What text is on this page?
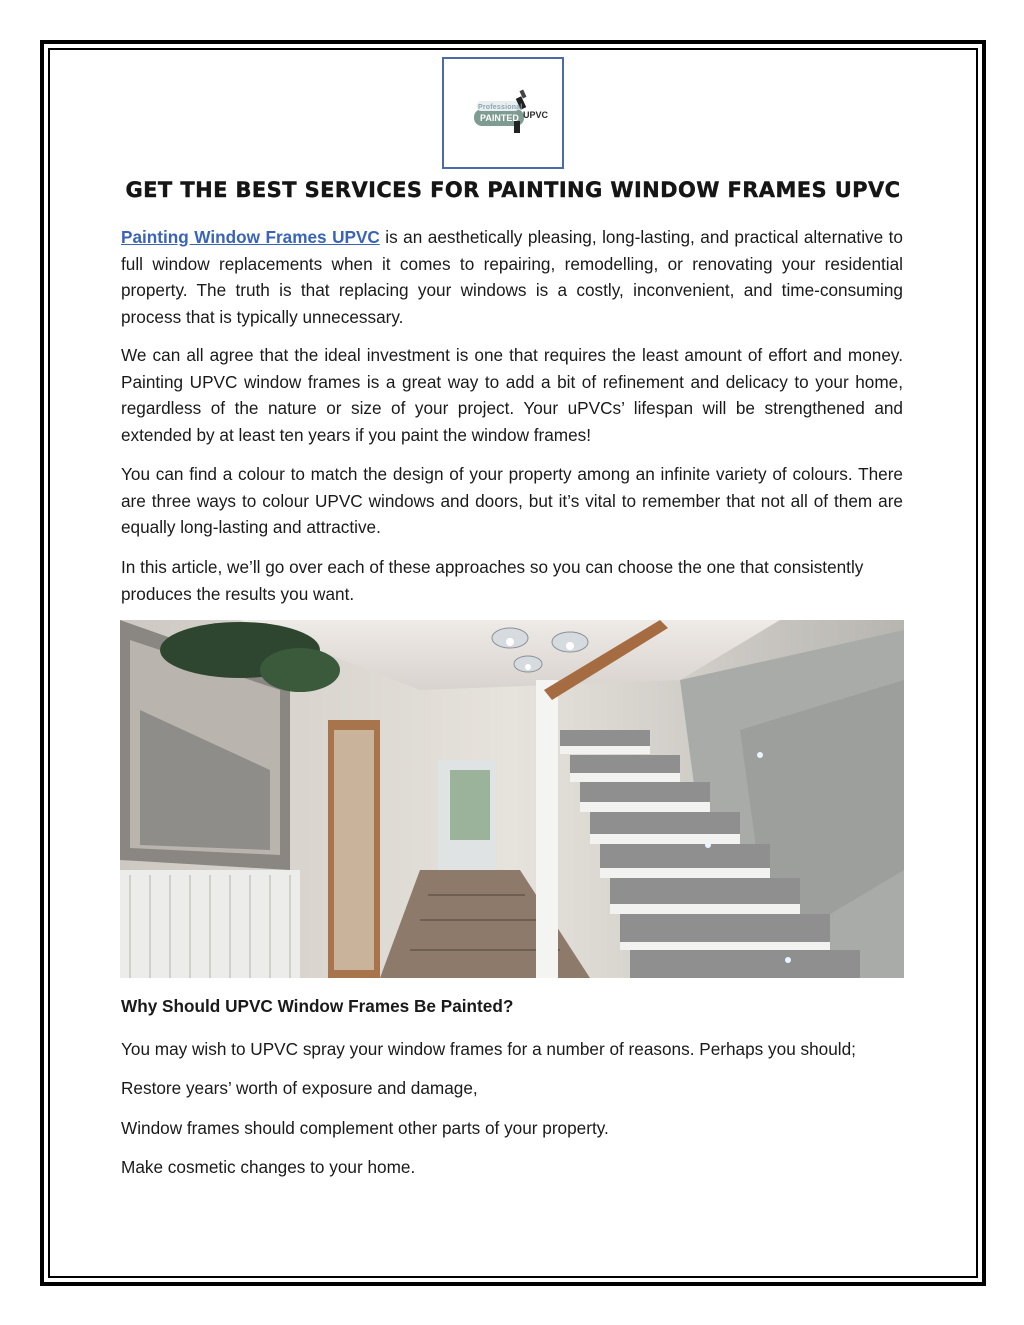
Professional
PAINTED UPVC
GET THE BEST SERVICES FOR PAINTING WINDOW FRAMES UPVC

Painting Window Frames UPVC is an aesthetically pleasing, long-lasting, and practical alternative to full window replacements when it comes to repairing, remodelling, or renovating your residential property. The truth is that replacing your windows is a costly, inconvenient, and time-consuming process that is typically unnecessary.

We can all agree that the ideal investment is one that requires the least amount of effort and money. Painting UPVC window frames is a great way to add a bit of refinement and delicacy to your home, regardless of the nature or size of your project. Your uPVCs’ lifespan will be strengthened and extended by at least ten years if you paint the window frames!

You can find a colour to match the design of your property among an infinite variety of colours. There are three ways to colour UPVC windows and doors, but it’s vital to remember that not all of them are equally long-lasting and attractive.

In this article, we’ll go over each of these approaches so you can choose the one that consistently produces the results you want.

Why Should UPVC Window Frames Be Painted?

You may wish to UPVC spray your window frames for a number of reasons. Perhaps you should;

Restore years’ worth of exposure and damage,

Window frames should complement other parts of your property.

Make cosmetic changes to your home.
